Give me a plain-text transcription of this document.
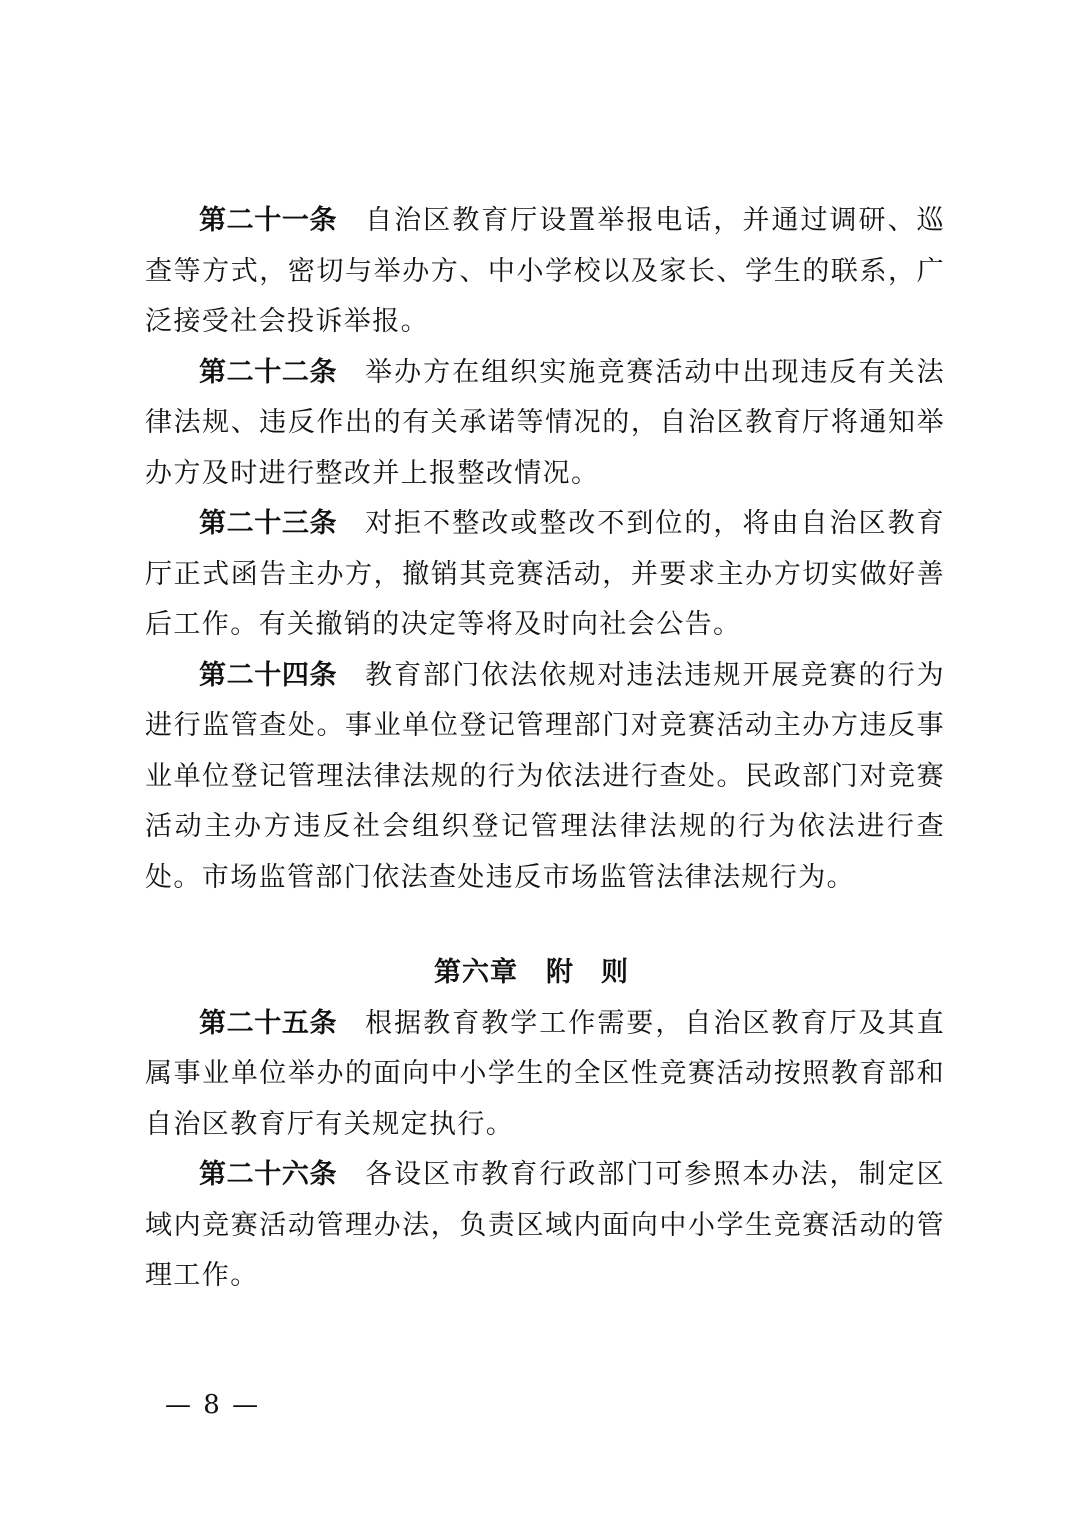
第二十一条 自治区教育厅设置举报电话，并通过调研、巡查等方式，密切与举办方、中小学校以及家长、学生的联系，广泛接受社会投诉举报。

第二十二条 举办方在组织实施竞赛活动中出现违反有关法律法规、违反作出的有关承诺等情况的，自治区教育厅将通知举办方及时进行整改并上报整改情况。

第二十三条 对拒不整改或整改不到位的，将由自治区教育厅正式函告主办方，撤销其竞赛活动，并要求主办方切实做好善后工作。有关撤销的决定等将及时向社会公告。

第二十四条 教育部门依法依规对违法违规开展竞赛的行为进行监管查处。事业单位登记管理部门对竞赛活动主办方违反事业单位登记管理法律法规的行为依法进行查处。民政部门对竞赛活动主办方违反社会组织登记管理法律法规的行为依法进行查处。市场监管部门依法查处违反市场监管法律法规行为。

第六章 附则

第二十五条 根据教育教学工作需要，自治区教育厅及其直属事业单位举办的面向中小学生的全区性竞赛活动按照教育部和自治区教育厅有关规定执行。

第二十六条 各设区市教育行政部门可参照本办法，制定区域内竞赛活动管理办法，负责区域内面向中小学生竞赛活动的管理工作。

— 8 —
